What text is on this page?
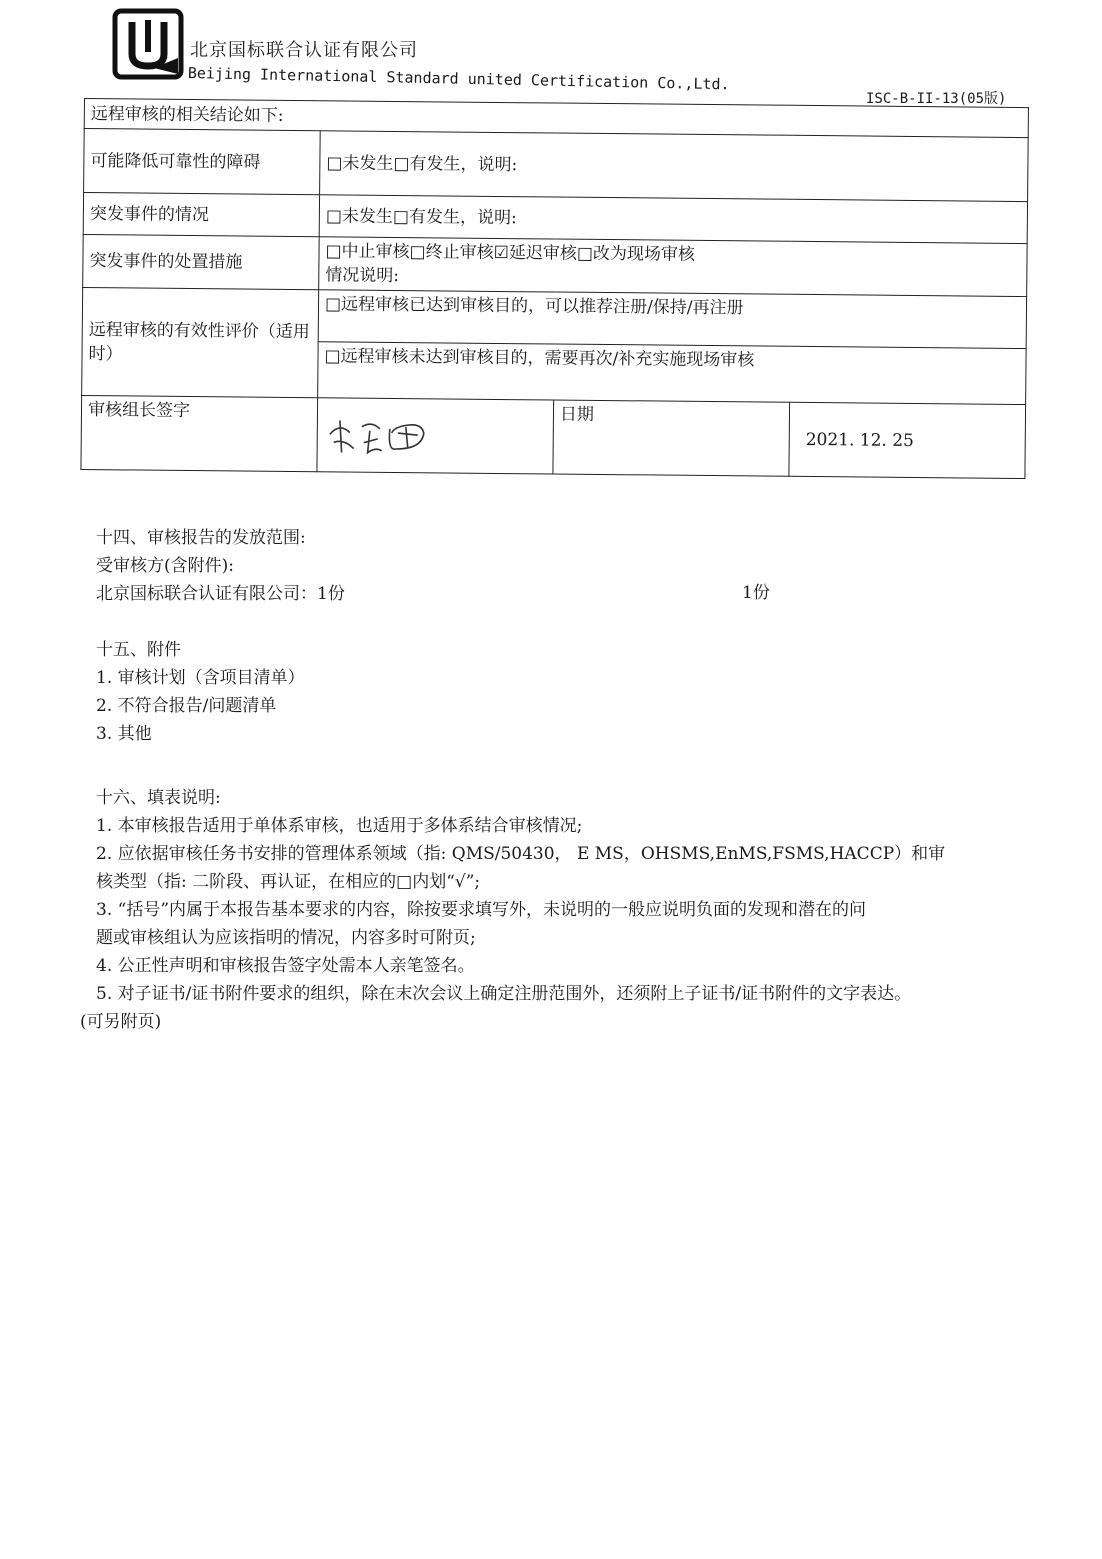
北京国标联合认证有限公司
Beijing International Standard united Certification Co.,Ltd.
ISC-B-II-13(05版)
远程审核的相关结论如下:			
可能降低可靠性的障碍	□未发生□有发生，说明:		
突发事件的情况	□未发生□有发生，说明:		
突发事件的处置措施	□中止审核□终止审核☑延迟审核□改为现场审核
情况说明:		

远程审核的有效性评价（适用时）	□远程审核已达到审核目的，可以推荐注册/保持/再注册		
	□远程审核未达到审核目的，需要再次/补充实施现场审核		
审核组长签字		日期	2021. 12. 25
十四、审核报告的发放范围:
受审核方(含附件):
北京国标联合认证有限公司：1份	1份
十五、附件
1. 审核计划（含项目清单）
2. 不符合报告/问题清单
3. 其他
十六、填表说明:
1. 本审核报告适用于单体系审核，也适用于多体系结合审核情况;
2. 应依据审核任务书安排的管理体系领域（指: QMS/50430， E MS，OHSMS,EnMS,FSMS,HACCP）和审
核类型（指: 二阶段、再认证，在相应的□内划“√”;
3. “括号”内属于本报告基本要求的内容，除按要求填写外，未说明的一般应说明负面的发现和潜在的问
题或审核组认为应该指明的情况，内容多时可附页;
4. 公正性声明和审核报告签字处需本人亲笔签名。
5. 对子证书/证书附件要求的组织，除在末次会议上确定注册范围外，还须附上子证书/证书附件的文字表达。
(可另附页)
